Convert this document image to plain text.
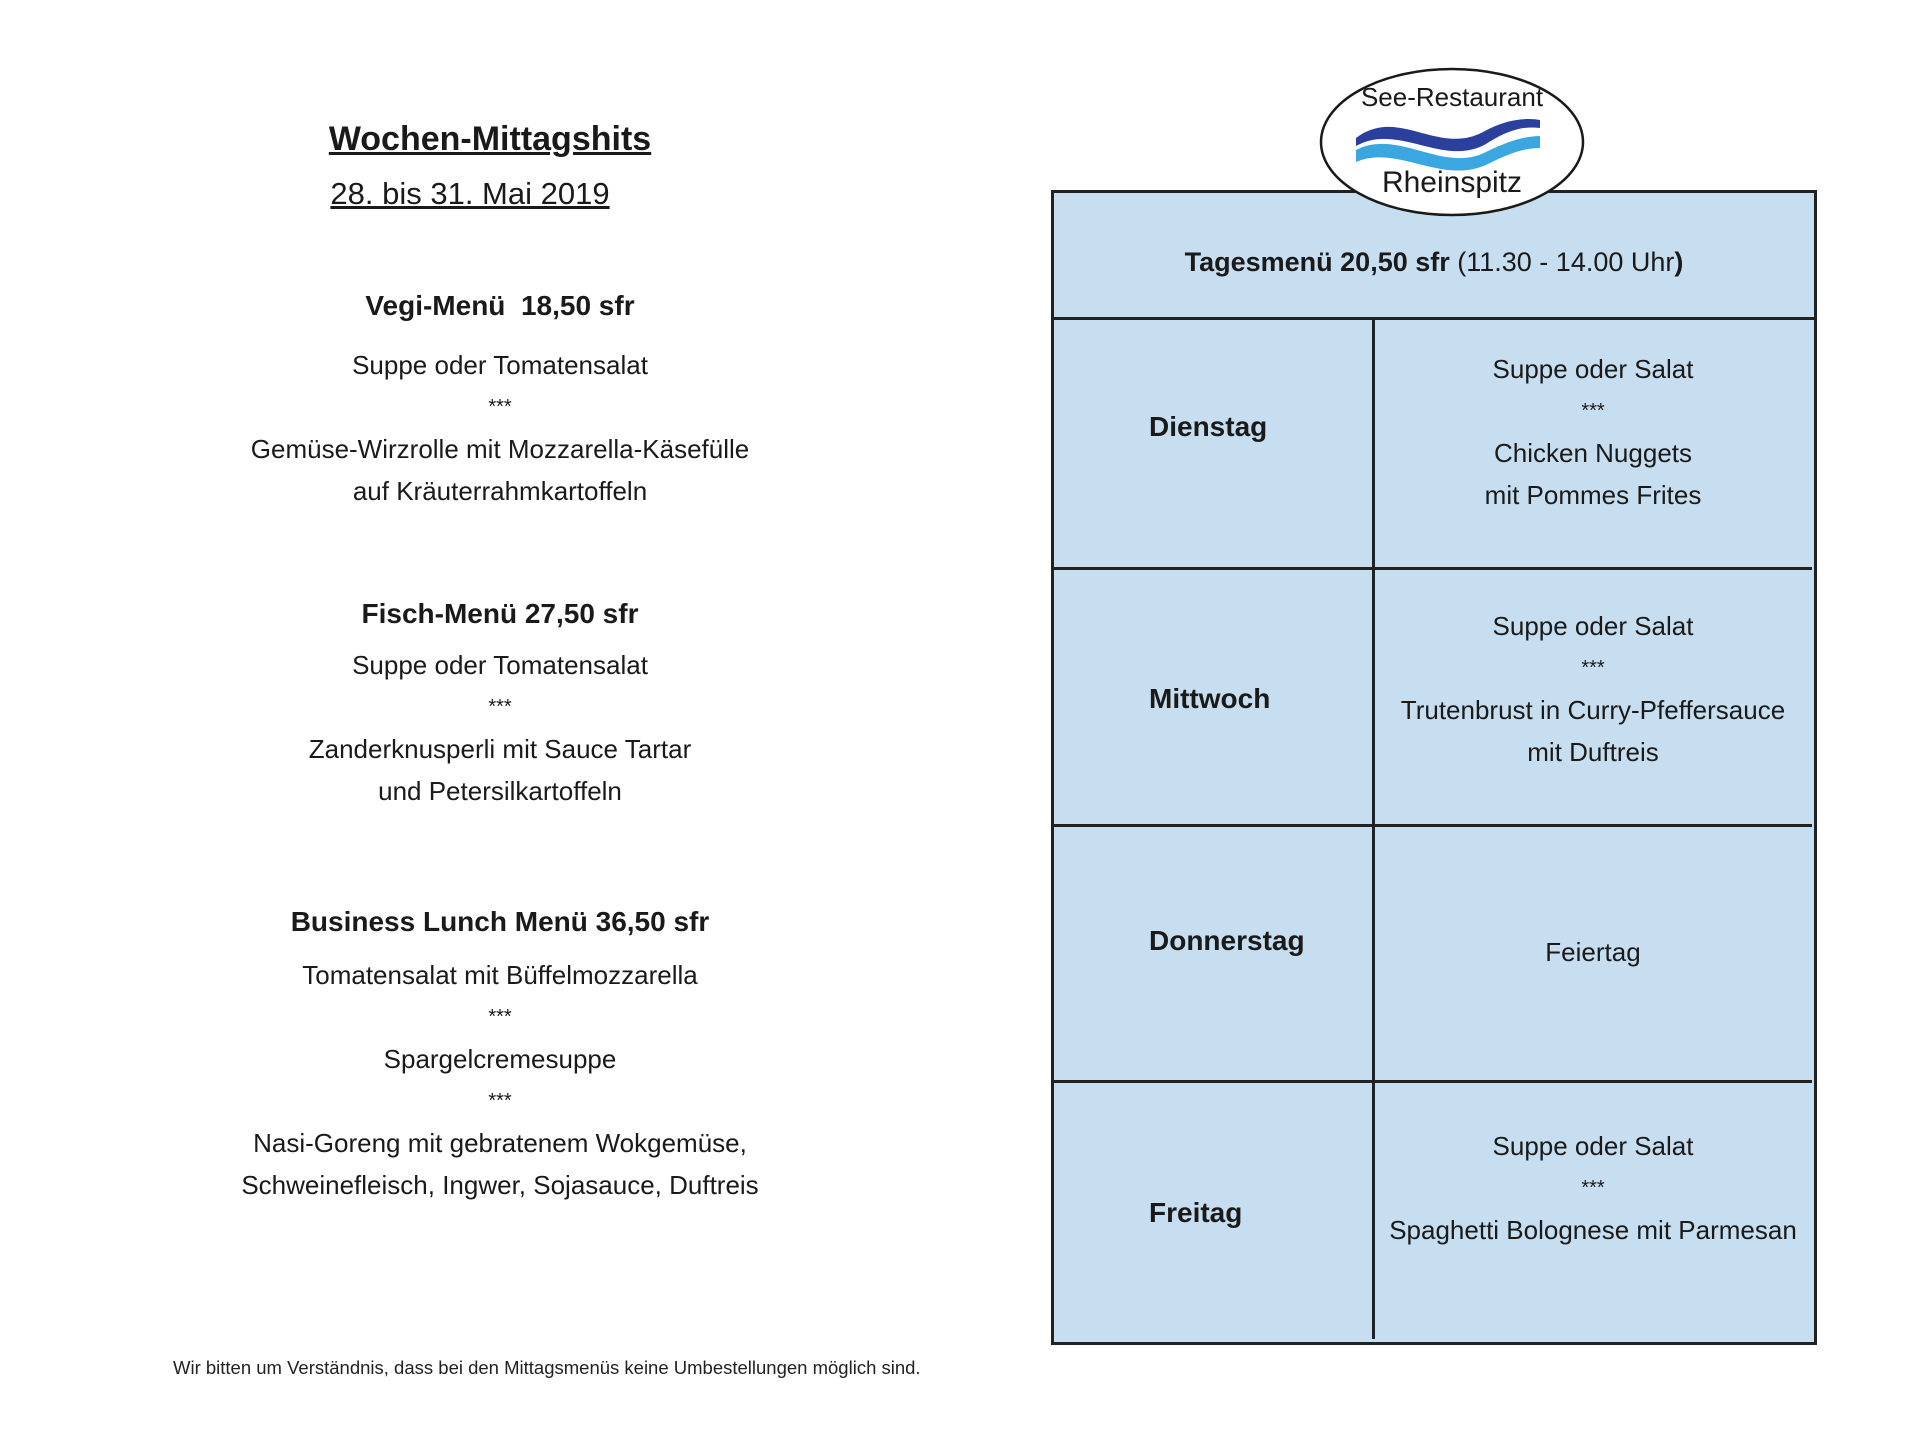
Wochen-Mittagshits
28. bis 31. Mai 2019
Vegi-Menü  18,50 sfr
Suppe oder Tomatensalat
***
Gemüse-Wirzrolle mit Mozzarella-Käsefülle
auf Kräuterrahmkartoffeln
Fisch-Menü 27,50 sfr
Suppe oder Tomatensalat
***
Zanderknusperli mit Sauce Tartar
und Petersilkartoffeln
Business Lunch Menü 36,50 sfr
Tomatensalat mit Büffelmozzarella
***
Spargelcremesuppe
***
Nasi-Goreng mit gebratenem Wokgemüse,
Schweinefleisch, Ingwer, Sojasauce, Duftreis
Wir bitten um Verständnis, dass bei den Mittagsmenüs keine Umbestellungen möglich sind.
Tagesmenü 20,50 sfr (11.30 - 14.00 Uhr)
Dienstag
Suppe oder Salat
***
Chicken Nuggets
mit Pommes Frites
Mittwoch
Suppe oder Salat
***
Trutenbrust in Curry-Pfeffersauce
mit Duftreis
Donnerstag	Feiertag
Freitag
Suppe oder Salat
***
Spaghetti Bolognese mit Parmesan
See-Restaurant
Rheinspitz
